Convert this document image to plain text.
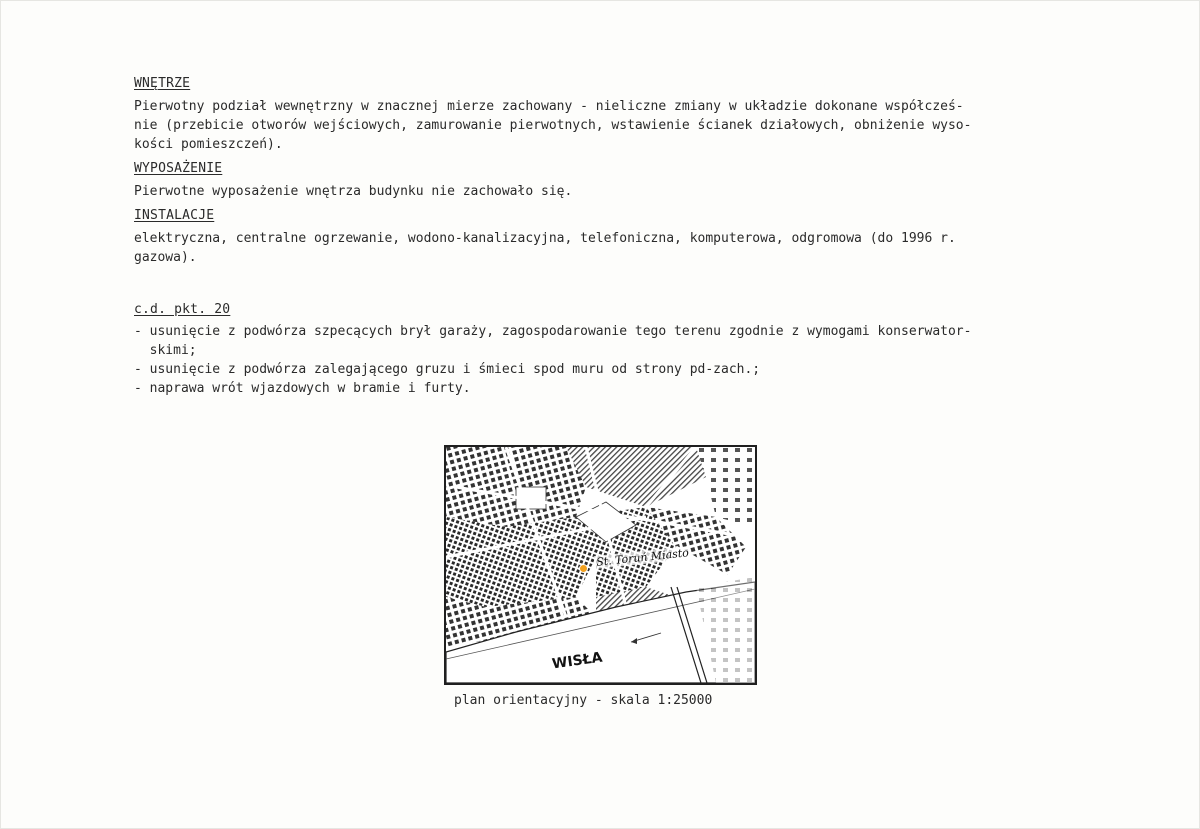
WNĘTRZE
Pierwotny podział wewnętrzny w znacznej mierze zachowany - nieliczne zmiany w układzie dokonane współcześ-
nie (przebicie otworów wejściowych, zamurowanie pierwotnych, wstawienie ścianek działowych, obniżenie wyso-
kości pomieszczeń).
WYPOSAŻENIE
Pierwotne wyposażenie wnętrza budynku nie zachowało się.
INSTALACJE
elektryczna, centralne ogrzewanie, wodono-kanalizacyjna, telefoniczna, komputerowa, odgromowa (do 1996 r.
gazowa).
c.d. pkt. 20
- usunięcie z podwórza szpecących brył garaży, zagospodarowanie tego terenu zgodnie z wymogami konserwator-
skimi;
- usunięcie z podwórza zalegającego gruzu i śmieci spod muru od strony pd-zach.;
- naprawa wrót wjazdowych w bramie i furty.
St. Toruń Miasto
WISŁA
plan orientacyjny - skala 1:25000
